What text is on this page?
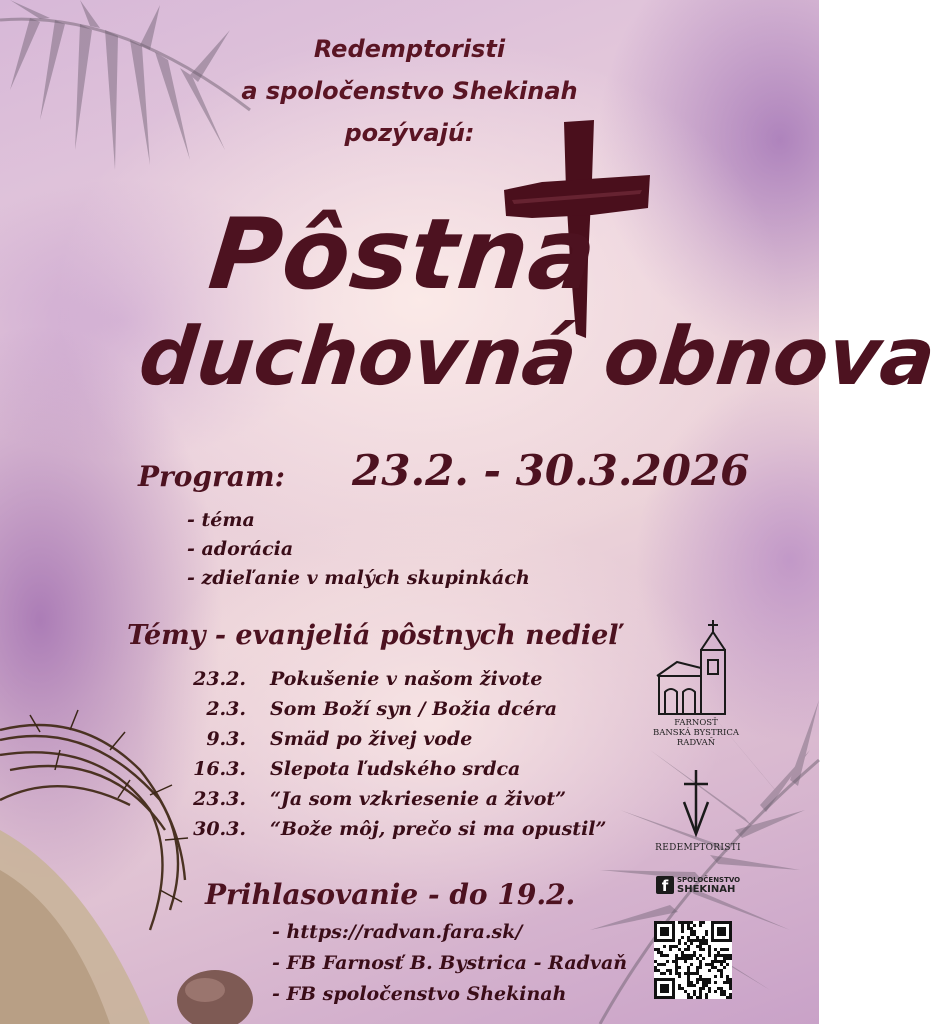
Redemptoristi
a spoločenstvo Shekinah
pozývajú:
Pôstna
duchovná obnova
23.2. - 30.3.2026
Program:
- téma
- adorácia
- zdieľanie v malých skupinkách
Témy - evanjeliá pôstnych nedieľ
23.2. Pokušenie v našom živote
2.3. Som Boží syn / Božia dcéra
9.3. Smäd po živej vode
16.3. Slepota ľudského srdca
23.3. “Ja som vzkriesenie a život”
30.3. “Bože môj, prečo si ma opustil”
Prihlasovanie - do 19.2.
- https://radvan.fara.sk/
- FB Farnosť B. Bystrica - Radvaň
- FB spoločenstvo Shekinah
FARNOSŤ
BANSKÁ BYSTRICA
RADVAŇ
REDEMPTORISTI
f	SPOLOČENSTVO
SHEKINAH
